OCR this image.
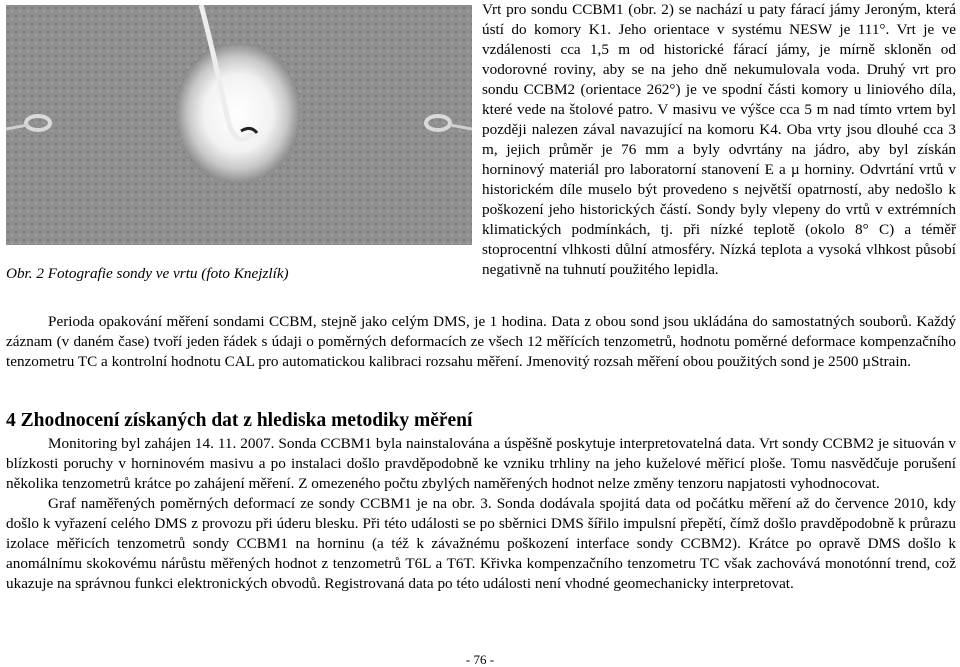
Obr. 2 Fotografie sondy ve vrtu (foto Knejzlík)

Vrt pro sondu CCBM1 (obr. 2) se nachází u paty fárací jámy Jeroným, která ústí do komory K1. Jeho orientace v systému NESW je 111°. Vrt je ve vzdálenosti cca 1,5 m od historické fárací jámy, je mírně skloněn od vodorovné roviny, aby se na jeho dně nekumulovala voda. Druhý vrt pro sondu CCBM2 (orientace 262°) je ve spodní části komory u liniového díla, které vede na štolové patro. V masivu ve výšce cca 5 m nad tímto vrtem byl později nalezen zával navazující na komoru K4. Oba vrty jsou dlouhé cca 3 m, jejich průměr je 76 mm a byly odvrtány na jádro, aby byl získán horninový materiál pro laboratorní stanovení E a µ horniny. Odvrtání vrtů v historickém díle muselo být provedeno s největší opatrností, aby nedošlo k poškození jeho historických částí. Sondy byly vlepeny do vrtů v extrémních klimatických podmínkách, tj. při nízké teplotě (okolo 8° C) a téměř stoprocentní vlhkosti důlní atmosféry. Nízká teplota a vysoká vlhkost působí negativně na tuhnutí použitého lepidla.

Perioda opakování měření sondami CCBM, stejně jako celým DMS, je 1 hodina. Data z obou sond jsou ukládána do samostatných souborů. Každý záznam (v daném čase) tvoří jeden řádek s údaji o poměrných deformacích ze všech 12 měřících tenzometrů, hodnotu poměrné deformace kompenzačního tenzometru TC a kontrolní hodnotu CAL pro automatickou kalibraci rozsahu měření. Jmenovitý rozsah měření obou použitých sond je 2500 µStrain.

4 Zhodnocení získaných dat z hlediska metodiky měření

Monitoring byl zahájen 14. 11. 2007. Sonda CCBM1 byla nainstalována a úspěšně poskytuje interpretovatelná data. Vrt sondy CCBM2 je situován v blízkosti poruchy v horninovém masivu a po instalaci došlo pravděpodobně ke vzniku trhliny na jeho kuželové měřicí ploše. Tomu nasvědčuje porušení několika tenzometrů krátce po zahájení měření. Z omezeného počtu zbylých naměřených hodnot nelze změny tenzoru napjatosti vyhodnocovat.

Graf naměřených poměrných deformací ze sondy CCBM1 je na obr. 3. Sonda dodávala spojitá data od počátku měření až do července 2010, kdy došlo k vyřazení celého DMS z provozu při úderu blesku. Při této události se po sběrnici DMS šířilo impulsní přepětí, čímž došlo pravděpodobně k průrazu izolace měřicích tenzometrů sondy CCBM1 na horninu (a též k závažnému poškození interface sondy CCBM2). Krátce po opravě DMS došlo k anomálnímu skokovému nárůstu měřených hodnot z tenzometrů T6L a T6T. Křivka kompenzačního tenzometru TC však zachovává monotónní trend, což ukazuje na správnou funkci elektronických obvodů. Registrovaná data po této události není vhodné geomechanicky interpretovat.

- 76 -
